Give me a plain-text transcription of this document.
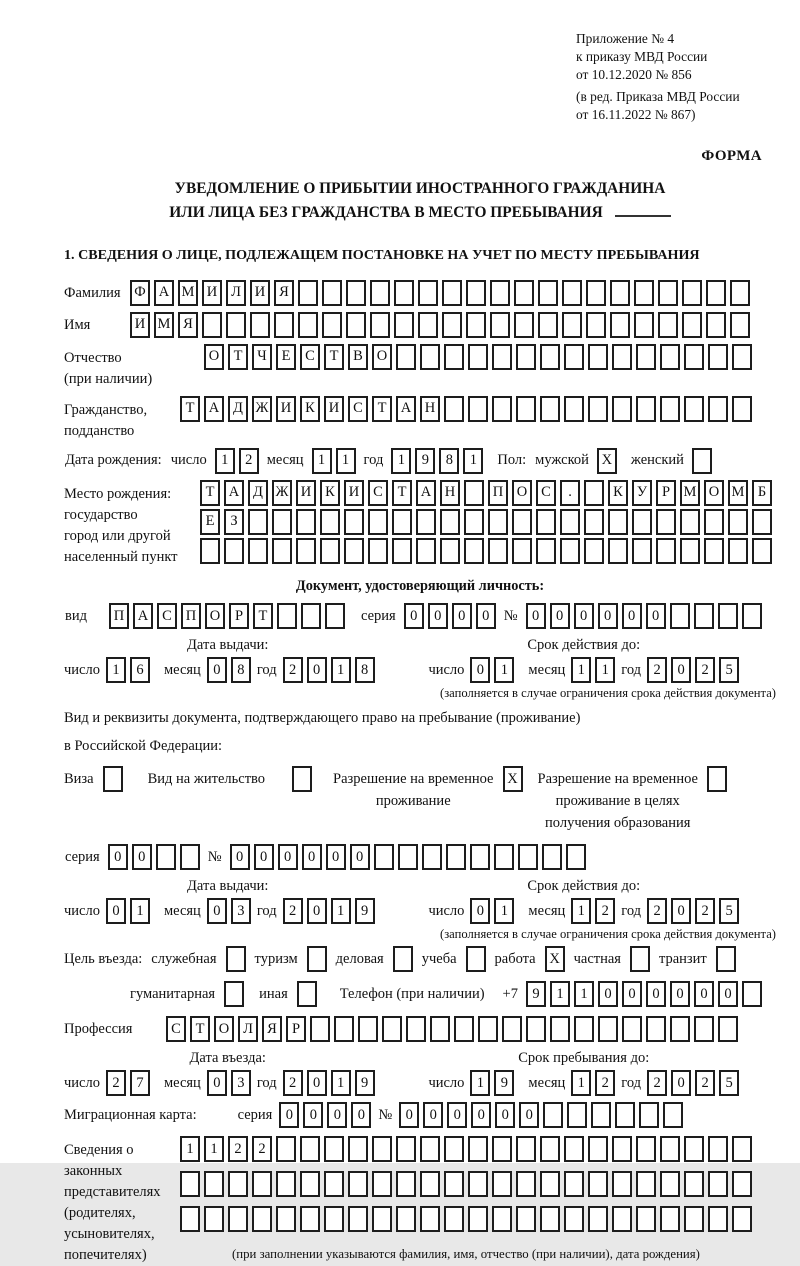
Приложение № 4
к приказу МВД России
от 10.12.2020 № 856
(в ред. Приказа МВД России
от 16.11.2022 № 867)
ФОРМА
УВЕДОМЛЕНИЕ О ПРИБЫТИИ ИНОСТРАННОГО ГРАЖДАНИНА
ИЛИ ЛИЦА БЕЗ ГРАЖДАНСТВА В МЕСТО ПРЕБЫВАНИЯ
1. СВЕДЕНИЯ О ЛИЦЕ, ПОДЛЕЖАЩЕМ ПОСТАНОВКЕ НА УЧЕТ ПО МЕСТУ ПРЕБЫВАНИЯ
Фамилия Ф А М И Л И Я
Имя	И М Я
Отчество
(при наличии)
О Т	Ч	Е	С	Т	В О
Гражданство,
подданство
Т А Д Ж И К И С	Т А Н
Дата рождения: число 1	2 месяц 1	1 год 1	9	8	1	Пол: мужской X	женский
Место рождения:
государство
город или другой
населенный пункт
Т А Д Ж И К И С	Т А Н	П О С	.	К У	Р М О М Б
Е	З
Документ, удостоверяющий личность:
вид	П А С П О	Р	Т	серия 0	0	0	0 № 0	0	0	0	0	0
Дата выдачи:
число 1	6	месяц 0	8 год 2	0	1	8
Срок действия до:
число 0	1	месяц 1	1 год 2	0	2	5
(заполняется в случае ограничения срока действия документа)
Вид и реквизиты документа, подтверждающего право на пребывание (проживание)
в Российской Федерации:
Виза	Вид на жительство	Разрешение на временное
проживание
X	Разрешение на временное
проживание в целях
получения образования
серия 0	0	№ 0	0	0	0	0	0
Дата выдачи:
число 0	1	месяц 0	3 год 2	0	1	9
Срок действия до:
число 0	1	месяц 1	2 год 2	0	2	5
(заполняется в случае ограничения срока действия документа)
Цель въезда: служебная	туризм	деловая	учеба	работа X частная	транзит
гуманитарная	иная	Телефон (при наличии) +7 9	1	1	0	0	0	0	0	0
Профессия	С	Т О Л Я	Р
Дата въезда:
число 2	7	месяц 0	3 год 2	0	1	9
Срок пребывания до:
число 1	9	месяц 1	2 год 2	0	2	5
Миграционная карта:	серия 0	0	0	0 № 0	0	0	0	0	0
Сведения о
законных
представителях
(родителях,
усыновителях,
попечителях)
1	1	2	2
(при заполнении указываются фамилия, имя, отчество (при наличии), дата рождения)
